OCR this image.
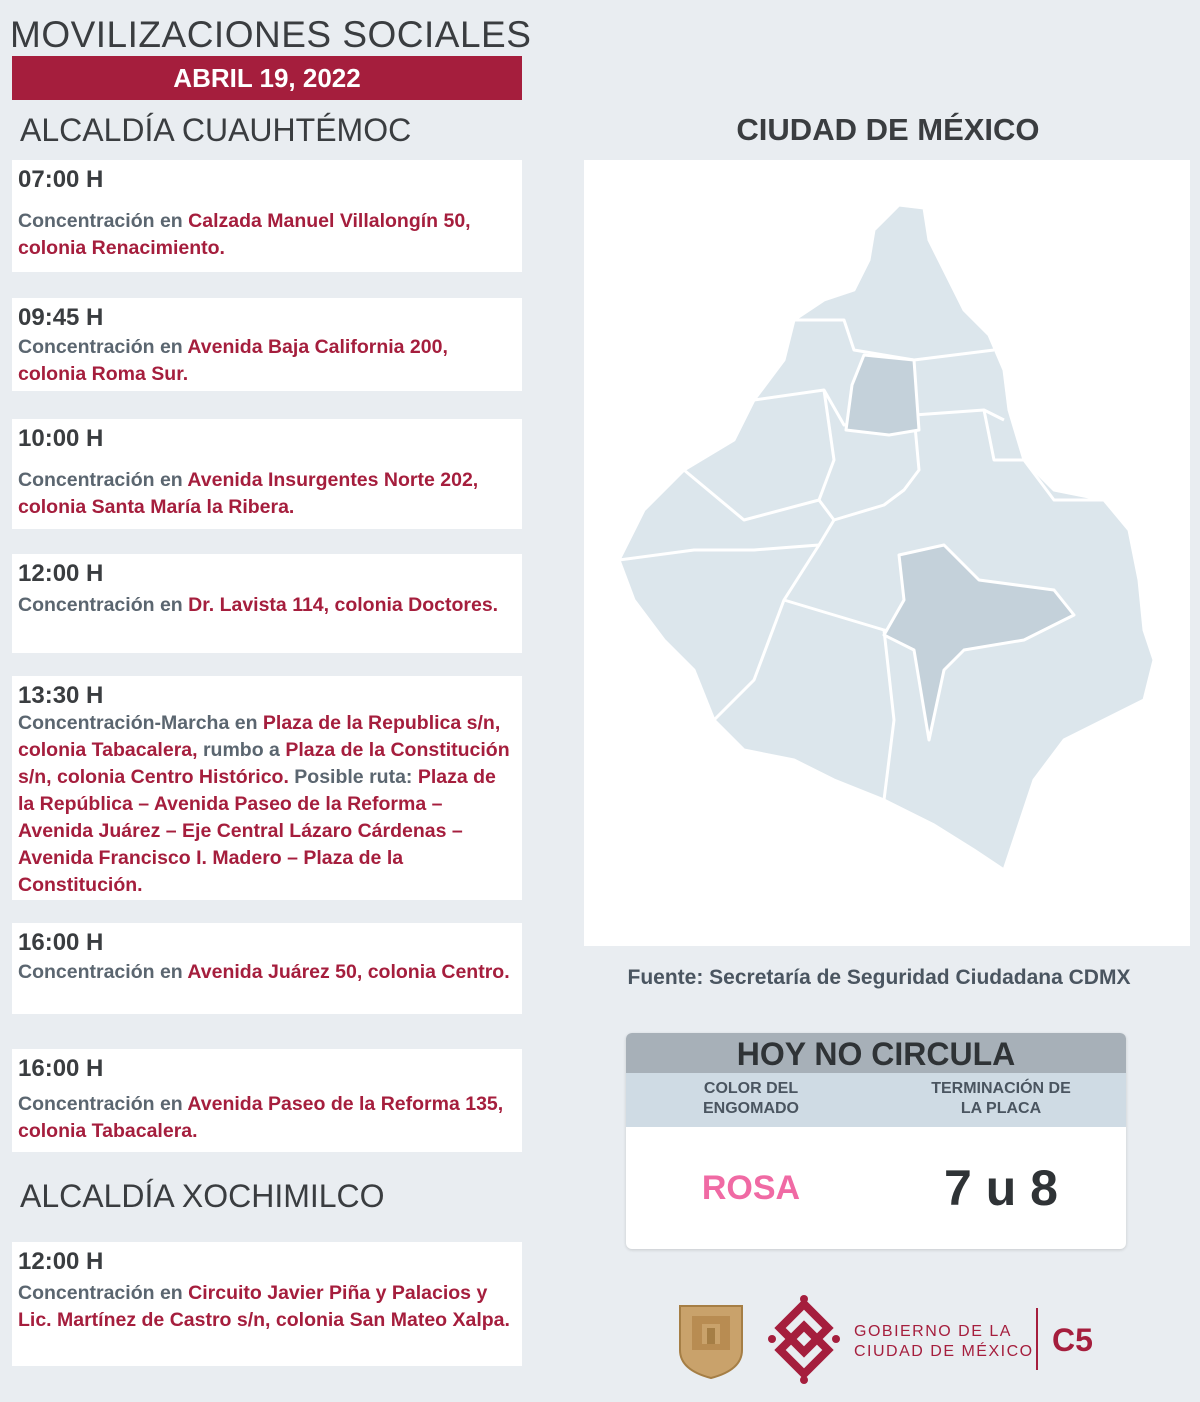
MOVILIZACIONES SOCIALES
ABRIL 19, 2022
ALCALDÍA CUAUHTÉMOC
07:00 H
Concentración en Calzada Manuel Villalongín 50, colonia Renacimiento.
09:45 H
Concentración en Avenida Baja California 200, colonia Roma Sur.
10:00 H
Concentración en Avenida Insurgentes Norte 202, colonia Santa María la Ribera.
12:00 H
Concentración en Dr. Lavista 114, colonia Doctores.
13:30 H
Concentración-Marcha en Plaza de la Republica s/n, colonia Tabacalera, rumbo a Plaza de la Constitución s/n, colonia Centro Histórico. Posible ruta: Plaza de la República – Avenida Paseo de la Reforma – Avenida Juárez – Eje Central Lázaro Cárdenas – Avenida Francisco I. Madero – Plaza de la Constitución.
16:00 H
Concentración en Avenida Juárez 50, colonia Centro.
16:00 H
Concentración en Avenida Paseo de la Reforma 135, colonia Tabacalera.
ALCALDÍA XOCHIMILCO
12:00 H
Concentración en Circuito Javier Piña y Palacios y Lic. Martínez de Castro s/n, colonia San Mateo Xalpa.
CIUDAD DE MÉXICO
Fuente: Secretaría de Seguridad Ciudadana CDMX
HOY NO CIRCULA
COLOR DEL
ENGOMADO
TERMINACIÓN DE
LA PLACA
ROSA	7 u 8
GOBIERNO DE LA
CIUDAD DE MÉXICO C5
